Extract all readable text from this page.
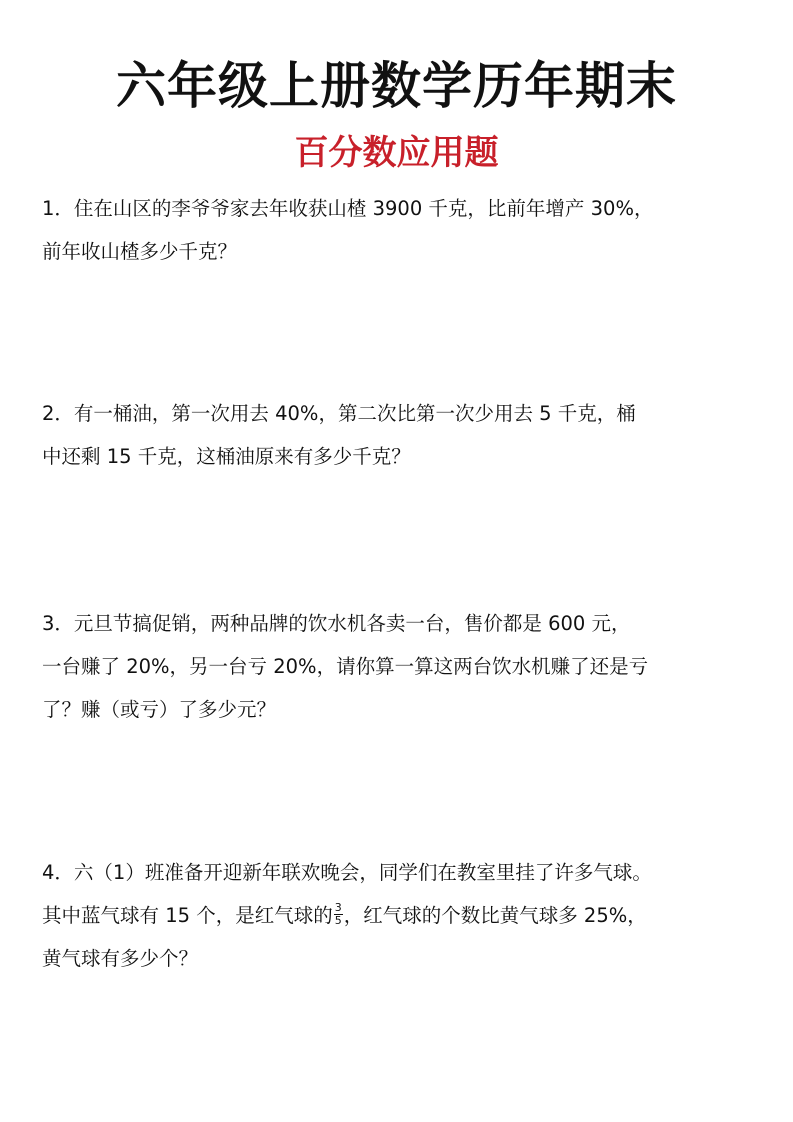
六年级上册数学历年期末
百分数应用题
1．住在山区的李爷爷家去年收获山楂 3900 千克，比前年增产 30%，
前年收山楂多少千克？
2．有一桶油，第一次用去 40%，第二次比第一次少用去 5 千克，桶
中还剩 15 千克，这桶油原来有多少千克？
3．元旦节搞促销，两种品牌的饮水机各卖一台，售价都是 600 元，
一台赚了 20%，另一台亏 20%，请你算一算这两台饮水机赚了还是亏
了？赚（或亏）了多少元？
4．六（1）班准备开迎新年联欢晚会，同学们在教室里挂了许多气球。
其中蓝气球有 15 个，是红气球的 $\frac{3}{5}$ ，红气球的个数比黄气球多 25%，
黄气球有多少个？
